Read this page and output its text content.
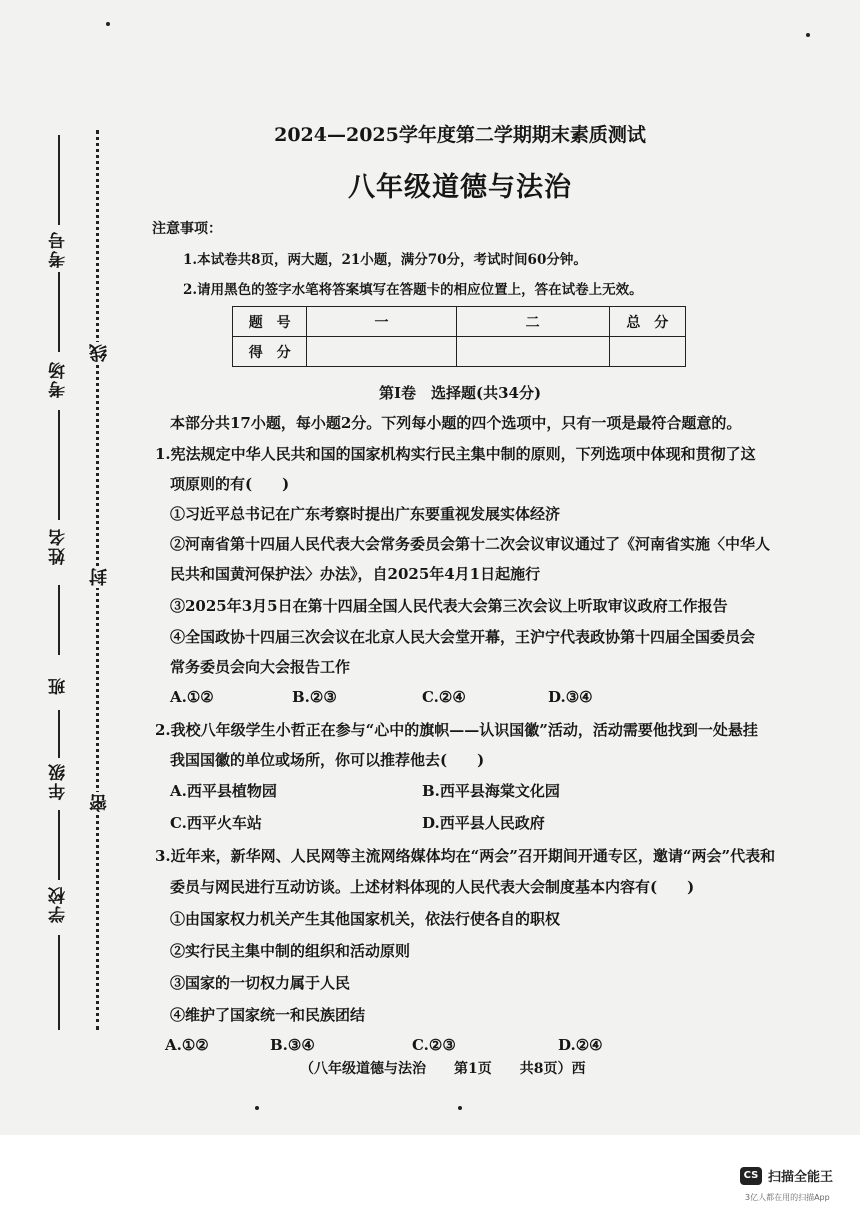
考号
考场
姓名
班
年级
学校
线
封
密
2024—2025学年度第二学期期末素质测试
八年级道德与法治
注意事项：
1.本试卷共8页，两大题，21小题，满分70分，考试时间60分钟。
2.请用黑色的签字水笔将答案填写在答题卡的相应位置上，答在试卷上无效。
题　号	一	二	总　分
得　分			
第Ⅰ卷　选择题(共34分)
本部分共17小题，每小题2分。下列每小题的四个选项中，只有一项是最符合题意的。
1.宪法规定中华人民共和国的国家机构实行民主集中制的原则，下列选项中体现和贯彻了这
项原则的有(　　)
①习近平总书记在广东考察时提出广东要重视发展实体经济
②河南省第十四届人民代表大会常务委员会第十二次会议审议通过了《河南省实施〈中华人
民共和国黄河保护法〉办法》，自2025年4月1日起施行
③2025年3月5日在第十四届全国人民代表大会第三次会议上听取审议政府工作报告
④全国政协十四届三次会议在北京人民大会堂开幕，王沪宁代表政协第十四届全国委员会
常务委员会向大会报告工作
A.①②	B.②③	C.②④	D.③④
2.我校八年级学生小哲正在参与“心中的旗帜——认识国徽”活动，活动需要他找到一处悬挂
我国国徽的单位或场所，你可以推荐他去(　　)
A.西平县植物园	B.西平县海棠文化园
C.西平火车站	D.西平县人民政府
3.近年来，新华网、人民网等主流网络媒体均在“两会”召开期间开通专区，邀请“两会”代表和
委员与网民进行互动访谈。上述材料体现的人民代表大会制度基本内容有(　　)
①由国家权力机关产生其他国家机关，依法行使各自的职权
②实行民主集中制的组织和活动原则
③国家的一切权力属于人民
④维护了国家统一和民族团结
A.①②	B.③④	C.②③	D.②④
（八年级道德与法治　　第1页　　共8页）西
CS 扫描全能王
3亿人都在用的扫描App
